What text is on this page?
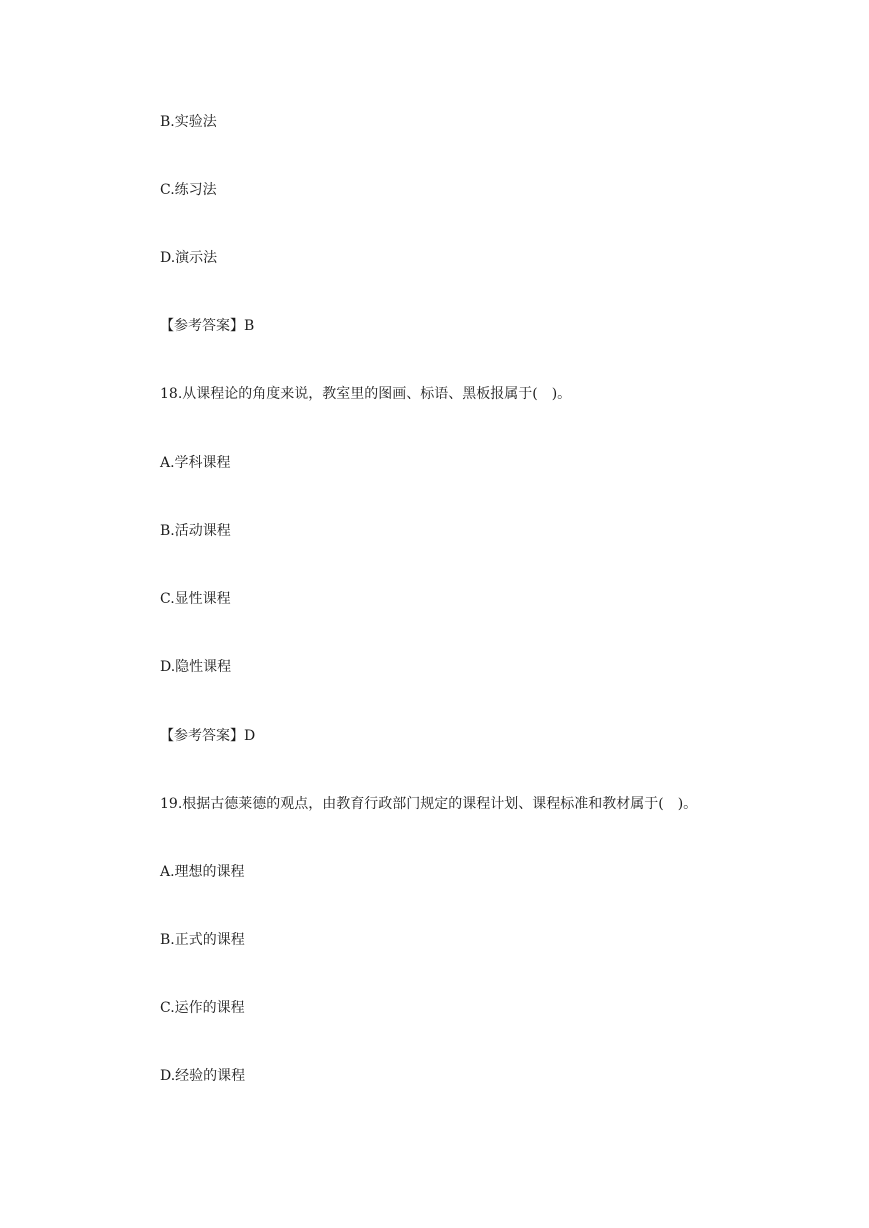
B.实验法
C.练习法
D.演示法
【参考答案】B
18.从课程论的角度来说，教室里的图画、标语、黑板报属于(　)。
A.学科课程
B.活动课程
C.显性课程
D.隐性课程
【参考答案】D
19.根据古德莱德的观点，由教育行政部门规定的课程计划、课程标准和教材属于(　)。
A.理想的课程
B.正式的课程
C.运作的课程
D.经验的课程
